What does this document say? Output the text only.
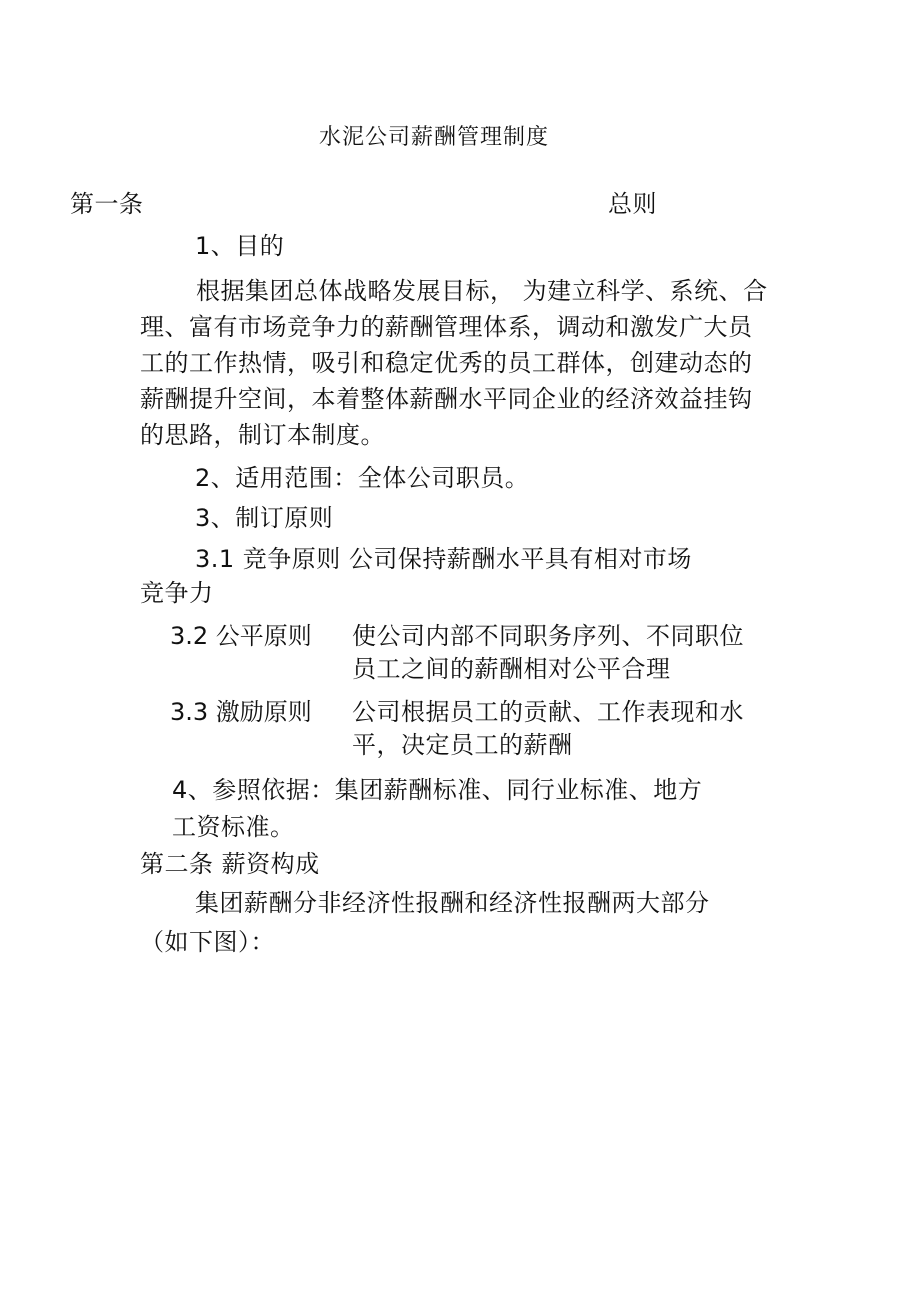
水泥公司薪酬管理制度
第一条	总则
1、目的
根据集团总体战略发展目标， 为建立科学、系统、合理、富有市场竞争力的薪酬管理体系，调动和激发广大员工的工作热情，吸引和稳定优秀的员工群体，创建动态的薪酬提升空间，本着整体薪酬水平同企业的经济效益挂钩的思路，制订本制度。
2、适用范围：全体公司职员。
3、制订原则
3.1 竞争原则 公司保持薪酬水平具有相对市场
竞争力
3.2 公平原则 使公司内部不同职务序列、不同职位员工之间的薪酬相对公平合理
3.3 激励原则 公司根据员工的贡献、工作表现和水平，决定员工的薪酬
4、参照依据：集团薪酬标准、同行业标准、地方
工资标准。
第二条 薪资构成
集团薪酬分非经济性报酬和经济性报酬两大部分
（如下图）：
